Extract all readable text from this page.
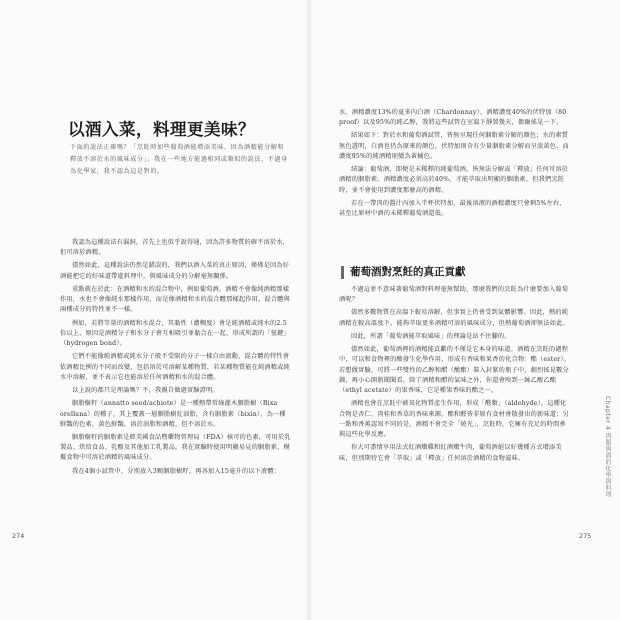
以酒入菜，料理更美味？
下面的說法正確嗎？「烹飪時加些葡萄酒能增添美味，因為酒精能分解和釋放不溶於水的風味成分」。我在一些地方能過相同或類似的說法，不過身為化學家，我不認為這是對的。

我認為這種說法有漏洞，首先上也似乎說得通，因為許多物質的確不溶於水，但可溶於酒精。

儘然如此，這種說法仍然是錯誤的，我們以酒入菜的真正原因，僅僅是因為好酒能把它的好味道帶進料理中，與風味成分的分解毫無關係。

重點就在於此：在酒精和水的混合物中，例如葡萄酒，酒精不會像純酒精那樣作用，水也不會像純水那樣作用，而是像酒精和水的混合體那樣起作用，混合體與兩種成分的特性並不一樣。

例如，若將等量的酒精和水混合，其黏性（濃稠度）會是純酒精或純水的2.5倍以上，原因是酒精分子和水分子會互相吸引並黏合在一起，形成所謂的「氫鍵」（hydrogen bond）。

它們不能像純酒精或純水分子般不受限的分子一樣自由流動，混合體的特性會依酒精比例的不同而改變，包括溶於可溶解某種物質，若某種物質能在純酒精或純水中溶解，並不表示它也能溶於任何酒精和水的混合體。

以上說的都只是理論嗎？不，我親自做過實驗證明。

胭脂樹籽（annatto seed/achiote）是一種熱帶常綠灌木胭脂樹（Bixa orellana）的種子，其上覆蓋一層胭脂樹紅油脂，含有胭脂素（bixin），為一種鮮豔的色素，黃色鮮豔，溶於油脂和酒精，但不溶於水。

胭脂樹籽的胭脂素是經美國食品暨藥物管理局（FDA）核可的色素，可用於乳製品、烘焙食品、乳酪及其他加工乳製品。我在實驗時使用明顯易見的胭脂素，模擬食物中可溶於酒精的風味成分。

我在4個小試管中，分別放入3顆胭脂樹籽，再各加入15毫升的以下液體：

274

水、酒精濃度13%的夏多內白酒（Chardonnay）、酒精濃度40%的伏特加（80 proof）以及95%的純乙醇，我將這些試管在室溫下靜置幾天，偶爾搖晃一下。

結果如下：對於水和葡萄酒試管，皆無呈現任何胭脂素分解的顏色；水的素質無色透明，白酒也仍為原來的顏色，伏特加則含有少量胭脂素分解而呈淡黃色，而濃度95%的純酒精則變為黃橘色。

結論：葡萄酒，即便是未稀釋的純葡萄酒，皆無法分解或「釋放」任何可溶於酒精的胭脂素。酒精濃度必須高於40%，才能萃取出明顯的胭脂素，但我們烹飪時，並不會使用到濃度那麼高的酒精。

若在一帶肉的醬汁內加入半杯伏特加，最後溶液的酒精濃度只會剩5%左右，甚至比原材中酒的未稀釋葡萄酒還低。

葡萄酒對烹飪的真正貢獻

不過這並不意味著葡萄酒對料理毫無幫助，那麼我們的烹飪為什麼要加入葡萄酒呢？

儘然多數物質在高溫下較易溶解，但事實上仍會受到氣體影響。因此，熱的純酒精在較高溫度下，能夠萃取更多酒精可溶的風味成分，但熱葡萄酒卻無法如此。

因此，所謂「葡萄酒能萃取風味」的理論是站不住腳的。

儘然如此，葡萄酒裡的酒精能貢獻的不僅是它本身的味道。酒精在烹飪的過程中，可以和食物裡的酸發生化學作用，形成有香味和果香的化合物：酯（ester）。若想做實驗，可將一些雙性的乙醇和醋（酸酯）裝入封緊的瓶子中，劇烈搖晃數分鐘，再小心開瓶聞聞看，除了酒精和醋的氣味之外，你還會嗅到一絲乙酸乙酯（ethyl acetate）的果香味，它是種果香味的酯之一。

酒精也會在烹飪中被氧化物質產生作用，形成「醛類」（aldehyde），這種化合物是杏仁、肉桂和香草的香味來源。酯和醛皆非原有食材會散發出的新味道；另一點和香蕉認知不同的是，酒精不會完全「燒光」，烹飪時，它擁有充足的時間參與這些化學反應。

你大可盡情享用法式紅酒燉雞和紅酒燉牛肉，葡萄酒絕以好幾種方式增添美味，但別期待它會「萃取」或「釋放」任何溶於酒精的食物滋味。	Chapter 4 肉類與酒的化學與料理
275
